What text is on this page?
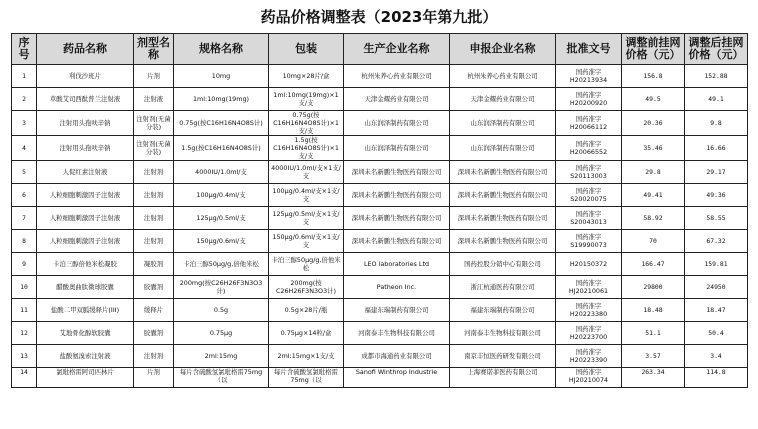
药品价格调整表（2023年第九批）
序号	药品名称	剂型名称	规格名称	包装	生产企业名称	申报企业名称	批准文号	调整前挂网价格（元）	调整后挂网价格（元）
1	利伐沙班片	片剂	10mg	10mg×28片/盒	杭州朱养心药业有限公司	杭州朱养心药业有限公司	国药准字H20213934	156.8	152.88
2	草酸艾司西酞普兰注射液	注射液	1ml:10mg(19mg)	1ml:10mg(19mg)×1支/支	天津金耀药业有限公司	天津金耀药业有限公司	国药准字H20200920	49.5	49.1
3	注射用头孢呋辛钠	注射剂(无菌分装)	0.75g(按C16H16N4O8S计)	0.75g(按C16H16N4O8S计)×1支/支	山东润泽制药有限公司	山东润泽制药有限公司	国药准字H20066112	20.36	9.8
4	注射用头孢呋辛钠	注射剂(无菌分装)	1.5g(按C16H16N4O8S计)	1.5g(按C16H16N4O8S计)×1支/支	山东润泽制药有限公司	山东润泽制药有限公司	国药准字H20066552	35.46	16.66
5	人促红素注射液	注射剂	4000IU/1.0ml/支	4000IU/1.0ml/支×1支/支	深圳未名新鹏生物医药有限公司	深圳未名新鹏生物医药有限公司	国药准字S20113003	29.8	29.17
6	人粒细胞刺激因子注射液	注射剂	100μg/0.4ml/支	100μg/0.4ml/支×1支/支	深圳未名新鹏生物医药有限公司	深圳未名新鹏生物医药有限公司	国药准字S20020075	49.41	49.36
7	人粒细胞刺激因子注射液	注射剂	125μg/0.5ml/支	125μg/0.5ml/支×1支/支	深圳未名新鹏生物医药有限公司	深圳未名新鹏生物医药有限公司	国药准字S20043013	58.92	58.55
8	人粒细胞刺激因子注射液	注射剂	150μg/0.6ml/支	150μg/0.6ml/支×1支/支	深圳未名新鹏生物医药有限公司	深圳未名新鹏生物医药有限公司	国药准字S19990073	70	67.32
9	卡泊三醇倍他米松凝胶	凝胶剂	卡泊三醇50μg/g,倍他米松	卡泊三醇50μg/g,倍他米松	LEO laboratories Ltd	国药控股分销中心有限公司	H20150372	166.47	159.81
10	醋酸奥曲肽微球胶囊	胶囊剂	200mg(按C26H26F3N3O3计)	200mg(按C26H26F3N3O3计)	Patheon Inc.	浙江杭通医药有限公司	国药准字HJ20210061	29800	24950
11	盐酸二甲双胍缓释片(III)	缓释片	0.5g	0.5g×28片/瓶	福建东瑞制药有限公司	福建东瑞制药有限公司	国药准字H20223380	18.48	18.47
12	艾地骨化醇软胶囊	胶囊剂	0.75μg	0.75μg×14粒/盒	河南泰丰生物科技有限公司	河南泰丰生物科技有限公司	国药准字H20223700	51.1	50.4
13	盐酸氨溴索注射液	注射剂	2ml:15mg	2ml:15mg×1支/支	成都市海通药业有限公司	南京丰恒医药研发有限公司	国药准字H20223390	3.57	3.4
14	氯吡格雷阿司匹林片	片剂	每片含硫酸氢氯吡格雷75mg（以	每片含硫酸氢氯吡格雷75mg（以	Sanofi Winthrop Industrie	上海赛诺菲医药有限公司	国药准字HJ20210074	263.34	114.8
